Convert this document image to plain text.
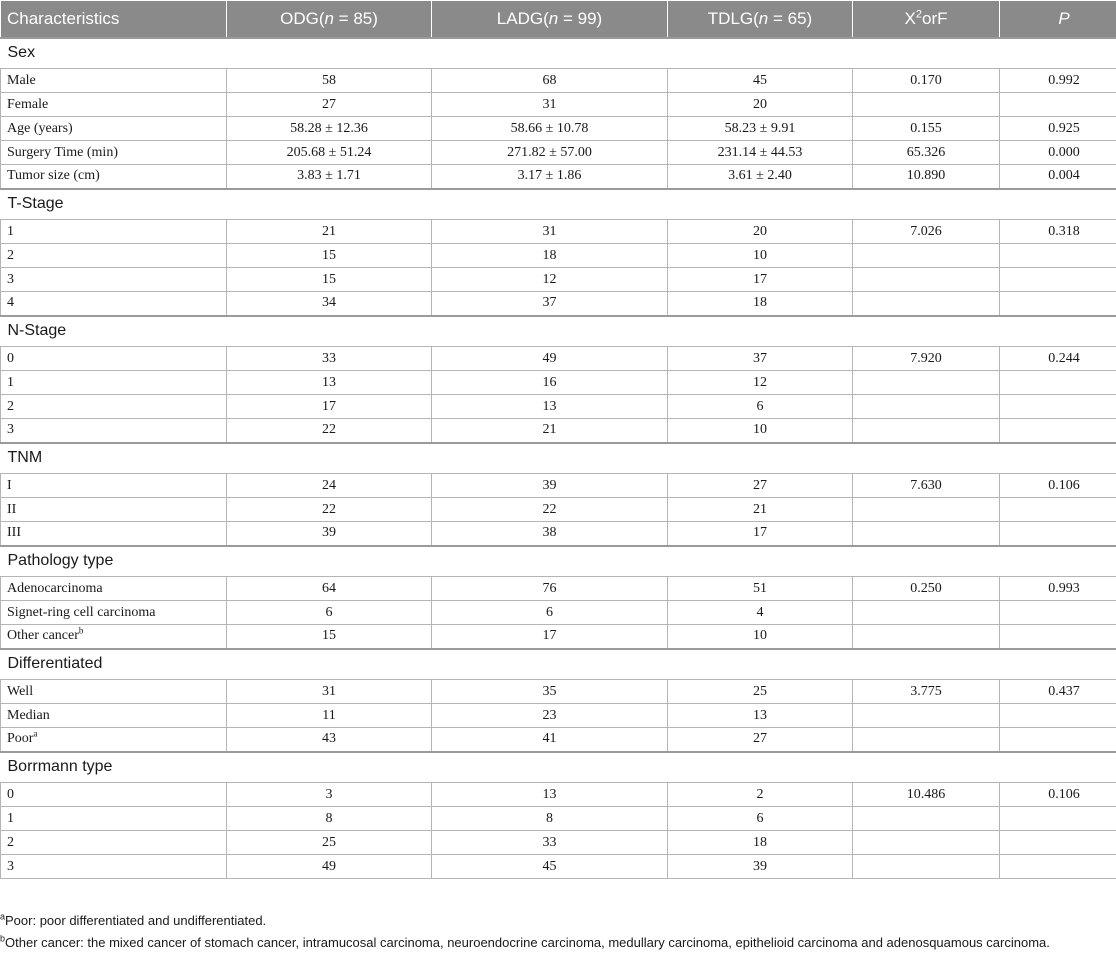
Characteristics	ODG(n = 85)	LADG(n = 99)	TDLG(n = 65)	$X^2orF$	P
Sex					
Male	58	68	45	0.170	0.992
Female	27	31	20		
Age (years)	58.28 ± 12.36	58.66 ± 10.78	58.23 ± 9.91	0.155	0.925
Surgery Time (min)	205.68 ± 51.24	271.82 ± 57.00	231.14 ± 44.53	65.326	0.000
Tumor size (cm)	3.83 ± 1.71	3.17 ± 1.86	3.61 ± 2.40	10.890	0.004
T-Stage					
1	21	31	20	7.026	0.318
2	15	18	10		
3	15	12	17		
4	34	37	18		
N-Stage					
0	33	49	37	7.920	0.244
1	13	16	12		
2	17	13	6		
3	22	21	10		
TNM					
I	24	39	27	7.630	0.106
II	22	22	21		
III	39	38	17		
Pathology type					
Adenocarcinoma	64	76	51	0.250	0.993
Signet-ring cell carcinoma	6	6	4		
Other cancer$^b$	15	17	10		
Differentiated					
Well	31	35	25	3.775	0.437
Median	11	23	13		
Poor$^a$	43	41	27		
Borrmann type					
0	3	13	2	10.486	0.106
1	8	8	6		
2	25	33	18		
3	49	45	39		
$^a$Poor: poor differentiated and undifferentiated.
$^b$Other cancer: the mixed cancer of stomach cancer, intramucosal carcinoma, neuroendocrine carcinoma, medullary carcinoma, epithelioid carcinoma and adenosquamous carcinoma.
